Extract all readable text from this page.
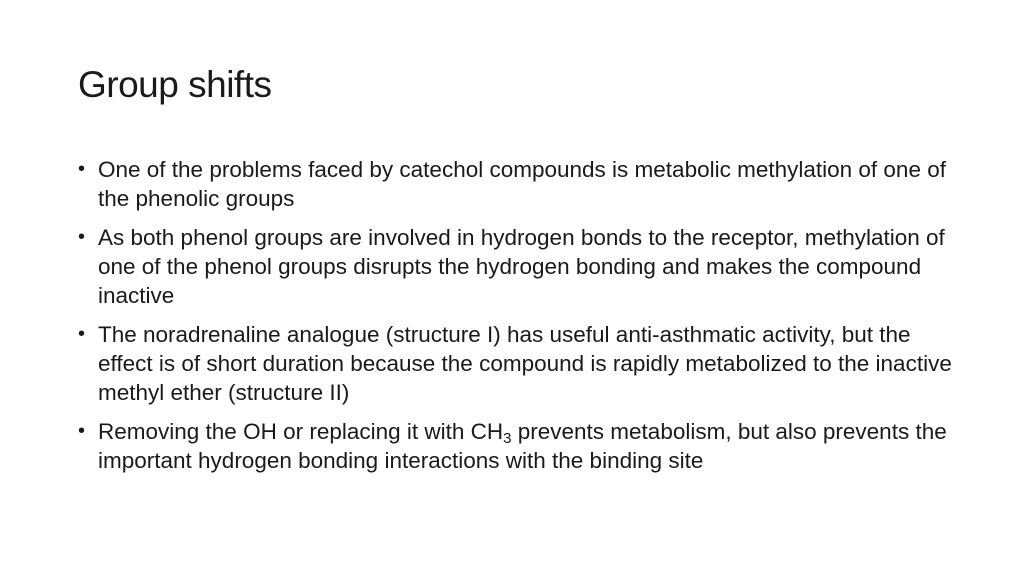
Group shifts
• One of the problems faced by catechol compounds is metabolic methylation of one of the phenolic groups
• As both phenol groups are involved in hydrogen bonds to the receptor, methylation of one of the phenol groups disrupts the hydrogen bonding and makes the compound inactive
• The noradrenaline analogue (structure I) has useful anti-asthmatic activity, but the effect is of short duration because the compound is rapidly metabolized to the inactive methyl ether (structure II)
• Removing the OH or replacing it with $CH_3$ prevents metabolism, but also prevents the important hydrogen bonding interactions with the binding site
